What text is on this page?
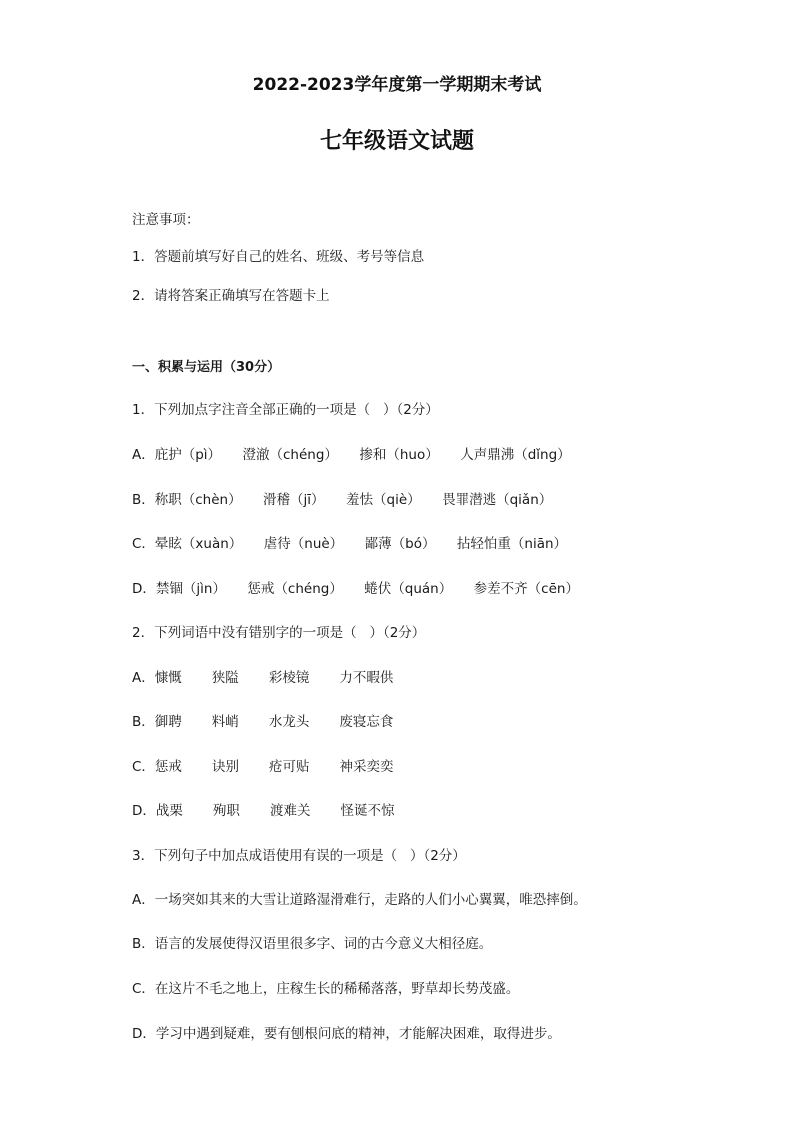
2022-2023学年度第一学期期末考试
七年级语文试题
注意事项：
1．答题前填写好自己的姓名、班级、考号等信息
2．请将答案正确填写在答题卡上
一、积累与运用（30分）
1．下列加点字注音全部正确的一项是（   ）（2分）
A．庇护（pì）     澄澈（chéng）     掺和（huo）     人声鼎沸（dǐng）
B．称职（chèn）     滑稽（jī）     羞怯（qiè）     畏罪潜逃（qiǎn）
C．晕眩（xuàn）     虐待（nuè）     鄙薄（bó）     拈轻怕重（niān）
D．禁锢（jìn）     惩戒（chéng）     蜷伏（quán）     参差不齐（cēn）
2．下列词语中没有错别字的一项是（   ）（2分）
A．慷慨       狭隘       彩棱镜       力不暇供
B．御聘       料峭       水龙头       废寝忘食
C．惩戒       诀别       疮可贴       神采奕奕
D．战栗       殉职       渡难关       怪诞不惊
3．下列句子中加点成语使用有误的一项是（   ）（2分）
A．一场突如其来的大雪让道路湿滑难行，走路的人们小心翼翼，唯恐摔倒。
B．语言的发展使得汉语里很多字、词的古今意义大相径庭。
C．在这片不毛之地上，庄稼生长的稀稀落落，野草却长势茂盛。
D．学习中遇到疑难，要有刨根问底的精神，才能解决困难，取得进步。
